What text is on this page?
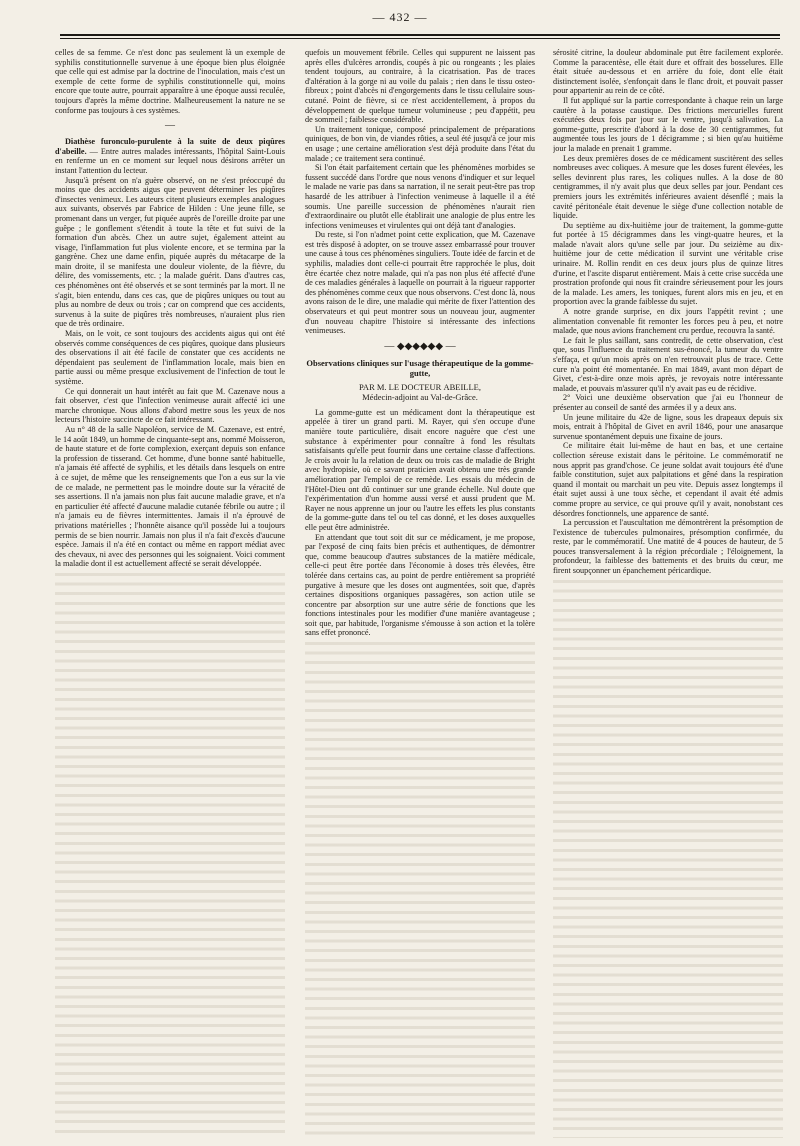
— 432 —

celles de sa femme. Ce n'est donc pas seulement là un exemple de syphilis constitutionnelle survenue à une époque bien plus éloignée que celle qui est admise par la doctrine de l'inoculation, mais c'est un exemple de cette forme de syphilis constitutionnelle qui, moins encore que toute autre, pourrait apparaître à une époque aussi reculée, toujours d'après la même doctrine. Malheureusement la nature ne se conforme pas toujours à ces systèmes.

—

Diathèse furonculo-purulente à la suite de deux piqûres d'abeille. — Entre autres malades intéressants, l'hôpital Saint-Louis en renferme un en ce moment sur lequel nous désirons arrêter un instant l'attention du lecteur.

Jusqu'à présent on n'a guère observé, on ne s'est préoccupé du moins que des accidents aigus que peuvent déterminer les piqûres d'insectes venimeux. Les auteurs citent plusieurs exemples analogues aux suivants, observés par Fabrice de Hilden : Une jeune fille, se promenant dans un verger, fut piquée auprès de l'oreille droite par une guêpe ; le gonflement s'étendit à toute la tête et fut suivi de la formation d'un abcès. Chez un autre sujet, également atteint au visage, l'inflammation fut plus violente encore, et se termina par la gangrène. Chez une dame enfin, piquée auprès du métacarpe de la main droite, il se manifesta une douleur violente, de la fièvre, du délire, des vomissements, etc. ; la malade guérit. Dans d'autres cas, ces phénomènes ont été observés et se sont terminés par la mort. Il ne s'agit, bien entendu, dans ces cas, que de piqûres uniques ou tout au plus au nombre de deux ou trois ; car on comprend que ces accidents, survenus à la suite de piqûres très nombreuses, n'auraient plus rien que de très ordinaire.

Mais, on le voit, ce sont toujours des accidents aigus qui ont été observés comme conséquences de ces piqûres, quoique dans plusieurs des observations il ait été facile de constater que ces accidents ne dépendaient pas seulement de l'inflammation locale, mais bien en partie aussi ou même presque exclusivement de l'infection de tout le système.

Ce qui donnerait un haut intérêt au fait que M. Cazenave nous a fait observer, c'est que l'infection venimeuse aurait affecté ici une marche chronique. Nous allons d'abord mettre sous les yeux de nos lecteurs l'histoire succincte de ce fait intéressant.

Au n° 48 de la salle Napoléon, service de M. Cazenave, est entré, le 14 août 1849, un homme de cinquante-sept ans, nommé Moisseron, de haute stature et de forte complexion, exerçant depuis son enfance la profession de tisserand. Cet homme, d'une bonne santé habituelle, n'a jamais été affecté de syphilis, et les détails dans lesquels on entre à ce sujet, de même que les renseignements que l'on a eus sur la vie de ce malade, ne permettent pas le moindre doute sur la véracité de ses assertions. Il n'a jamais non plus fait aucune maladie grave, et n'a en particulier été affecté d'aucune maladie cutanée fébrile ou autre ; il n'a jamais eu de fièvres intermittentes. Jamais il n'a éprouvé de privations matérielles ; l'honnête aisance qu'il possède lui a toujours permis de se bien nourrir. Jamais non plus il n'a fait d'excès d'aucune espèce. Jamais il n'a été en contact ou même en rapport médiat avec des chevaux, ni avec des personnes qui les soignaient. Voici comment la maladie dont il est actuellement affecté se serait développée.

quefois un mouvement fébrile. Celles qui suppurent ne laissent pas après elles d'ulcères arrondis, coupés à pic ou rongeants ; les plaies tendent toujours, au contraire, à la cicatrisation. Pas de traces d'altération à la gorge ni au voile du palais ; rien dans le tissu osteo-fibreux ; point d'abcès ni d'engorgements dans le tissu cellulaire sous-cutané. Point de fièvre, si ce n'est accidentellement, à propos du développement de quelque tumeur volumineuse ; peu d'appétit, peu de sommeil ; faiblesse considérable.

Un traitement tonique, composé principalement de préparations quiniques, de bon vin, de viandes rôties, a seul été jusqu'à ce jour mis en usage ; une certaine amélioration s'est déjà produite dans l'état du malade ; ce traitement sera continué.

Si l'on était parfaitement certain que les phénomènes morbides se fussent succédé dans l'ordre que nous venons d'indiquer et sur lequel le malade ne varie pas dans sa narration, il ne serait peut-être pas trop hasardé de les attribuer à l'infection venimeuse à laquelle il a été soumis. Une pareille succession de phénomènes n'aurait rien d'extraordinaire ou plutôt elle établirait une analogie de plus entre les infections venimeuses et virulentes qui ont déjà tant d'analogies.

Du reste, si l'on n'admet point cette explication, que M. Cazenave est très disposé à adopter, on se trouve assez embarrassé pour trouver une cause à tous ces phénomènes singuliers. Toute idée de farcin et de syphilis, maladies dont celle-ci pourrait être rapprochée le plus, doit être écartée chez notre malade, qui n'a pas non plus été affecté d'une de ces maladies générales à laquelle on pourrait à la rigueur rapporter des phénomènes comme ceux que nous observons. C'est donc là, nous avons raison de le dire, une maladie qui mérite de fixer l'attention des observateurs et qui peut montrer sous un nouveau jour, augmenter d'un nouveau chapitre l'histoire si intéressante des infections venimeuses.

— ◆◆◆◆◆◆ —
Observations cliniques sur l'usage thérapeutique de la gomme-gutte,
PAR M. LE DOCTEUR ABEILLE,
Médecin-adjoint au Val-de-Grâce.

La gomme-gutte est un médicament dont la thérapeutique est appelée à tirer un grand parti. M. Rayer, qui s'en occupe d'une manière toute particulière, disait encore naguère que c'est une substance à expérimenter pour connaître à fond les résultats satisfaisants qu'elle peut fournir dans une certaine classe d'affections. Je crois avoir lu la relation de deux ou trois cas de maladie de Bright avec hydropisie, où ce savant praticien avait obtenu une très grande amélioration par l'emploi de ce remède. Les essais du médecin de l'Hôtel-Dieu ont dû continuer sur une grande échelle. Nul doute que l'expérimentation d'un homme aussi versé et aussi prudent que M. Rayer ne nous apprenne un jour ou l'autre les effets les plus constants de la gomme-gutte dans tel ou tel cas donné, et les doses auxquelles elle peut être administrée.

En attendant que tout soit dit sur ce médicament, je me propose, par l'exposé de cinq faits bien précis et authentiques, de démontrer que, comme beaucoup d'autres substances de la matière médicale, celle-ci peut être portée dans l'économie à doses très élevées, être tolérée dans certains cas, au point de perdre entièrement sa propriété purgative à mesure que les doses ont augmentées, soit que, d'après certaines dispositions organiques passagères, son action utile se concentre par absorption sur une autre série de fonctions que les fonctions intestinales pour les modifier d'une manière avantageuse ; soit que, par habitude, l'organisme s'émousse à son action et la tolère sans effet prononcé.

sérosité citrine, la douleur abdominale put être facilement explorée. Comme la paracentèse, elle était dure et offrait des bosselures. Elle était située au-dessous et en arrière du foie, dont elle était distinctement isolée, s'enfonçait dans le flanc droit, et pouvait passer pour appartenir au rein de ce côté.

Il fut appliqué sur la partie correspondante à chaque rein un large cautère à la potasse caustique. Des frictions mercurielles furent exécutées deux fois par jour sur le ventre, jusqu'à salivation. La gomme-gutte, prescrite d'abord à la dose de 30 centigrammes, fut augmentée tous les jours de 1 décigramme ; si bien qu'au huitième jour la malade en prenait 1 gramme.

Les deux premières doses de ce médicament suscitèrent des selles nombreuses avec coliques. A mesure que les doses furent élevées, les selles devinrent plus rares, les coliques nulles. A la dose de 80 centigrammes, il n'y avait plus que deux selles par jour. Pendant ces premiers jours les extrémités inférieures avaient désenflé ; mais la cavité péritonéale était devenue le siège d'une collection notable de liquide.

Du septième au dix-huitième jour de traitement, la gomme-gutte fut portée à 15 décigrammes dans les vingt-quatre heures, et la malade n'avait alors qu'une selle par jour. Du seizième au dix-huitième jour de cette médication il survint une véritable crise urinaire. M. Rollin rendit en ces deux jours plus de quinze litres d'urine, et l'ascite disparut entièrement. Mais à cette crise succéda une prostration profonde qui nous fit craindre sérieusement pour les jours de la malade. Les amers, les toniques, furent alors mis en jeu, et en proportion avec la grande faiblesse du sujet.

A notre grande surprise, en dix jours l'appétit revint ; une alimentation convenable fit remonter les forces peu à peu, et notre malade, que nous avions franchement cru perdue, recouvra la santé.

Le fait le plus saillant, sans contredit, de cette observation, c'est que, sous l'influence du traitement sus-énoncé, la tumeur du ventre s'effaça, et qu'un mois après on n'en retrouvait plus de trace. Cette cure n'a point été momentanée. En mai 1849, avant mon départ de Givet, c'est-à-dire onze mois après, je revoyais notre intéressante malade, et pouvais m'assurer qu'il n'y avait pas eu de récidive.

2° Voici une deuxième observation que j'ai eu l'honneur de présenter au conseil de santé des armées il y a deux ans.

Un jeune militaire du 42e de ligne, sous les drapeaux depuis six mois, entrait à l'hôpital de Givet en avril 1846, pour une anasarque survenue spontanément depuis une fixaine de jours.

Ce militaire était lui-même de haut en bas, et une certaine collection séreuse existait dans le péritoine. Le commémoratif ne nous apprit pas grand'chose. Ce jeune soldat avait toujours été d'une faible constitution, sujet aux palpitations et gêné dans la respiration quand il montait ou marchait un peu vite. Depuis assez longtemps il était sujet aussi à une toux sèche, et cependant il avait été admis comme propre au service, ce qui prouve qu'il y avait, nonobstant ces désordres fonctionnels, une apparence de santé.

La percussion et l'auscultation me démontrèrent la présomption de l'existence de tubercules pulmonaires, présomption confirmée, du reste, par le commémoratif. Une matité de 4 pouces de hauteur, de 5 pouces transversalement à la région précordiale ; l'éloignement, la profondeur, la faiblesse des battements et des bruits du cœur, me firent soupçonner un épanchement péricardique.
